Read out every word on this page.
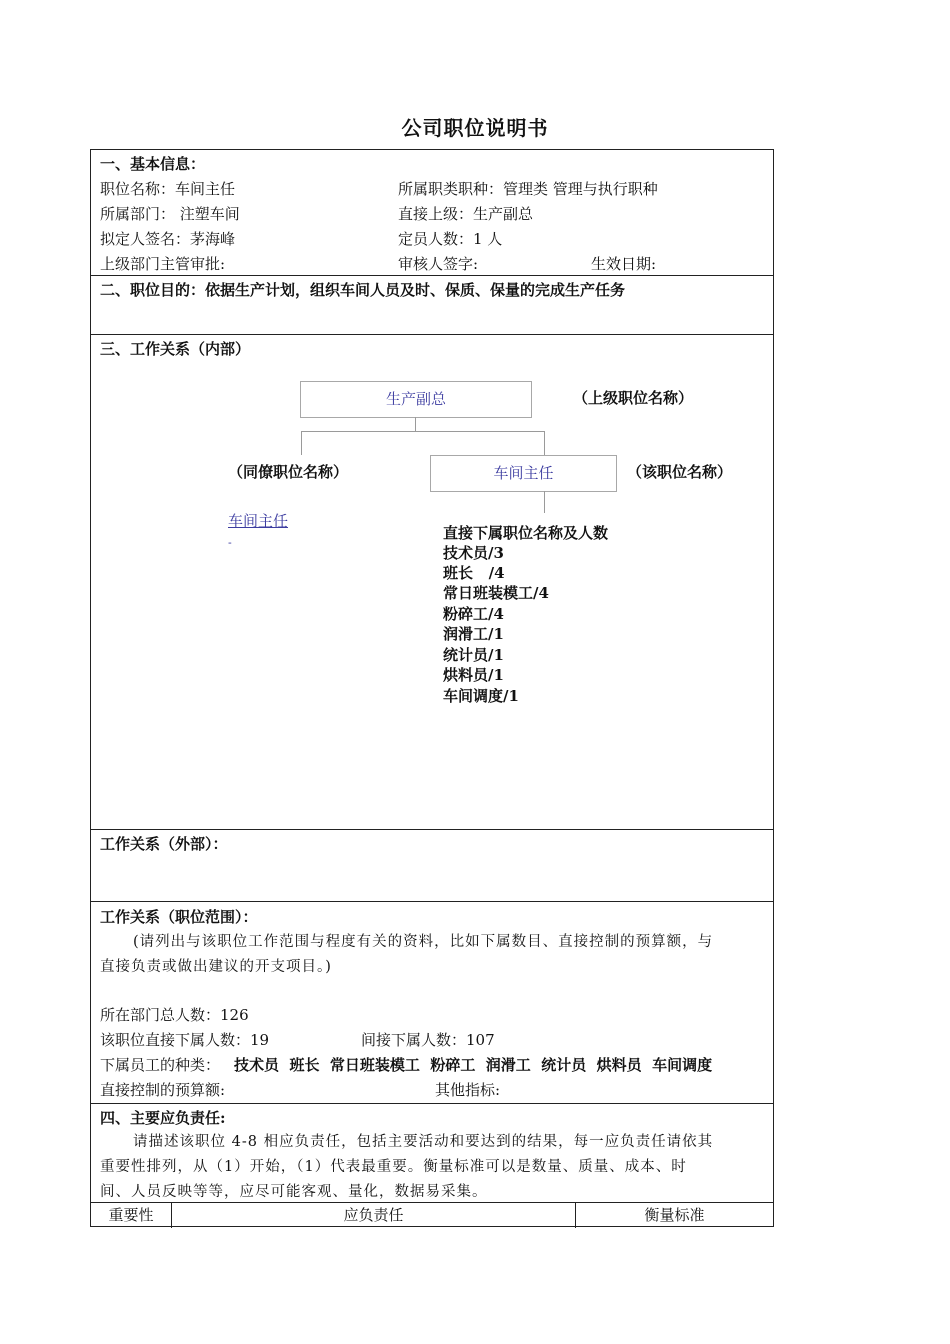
公司职位说明书
一、基本信息：
职位名称：车间主任	所属职类职种：管理类 管理与执行职种
所属部门： 注塑车间	直接上级：生产副总
拟定人签名：茅海峰	定员人数：1 人
上级部门主管审批:	审核人签字:	生效日期:
二、职位目的：依据生产计划，组织车间人员及时、保质、保量的完成生产任务
三、工作关系（内部）
生产副总	（上级职位名称）
（同僚职位名称）	车间主任	（该职位名称）
车间主任
-
直接下属职位名称及人数
技术员/3
班长   /4
常日班装模工/4
粉碎工/4
润滑工/1
统计员/1
烘料员/1
车间调度/1
工作关系（外部）：
工作关系（职位范围）：
(请列出与该职位工作范围与程度有关的资料，比如下属数目、直接控制的预算额，与
直接负责或做出建议的开支项目。)
所在部门总人数：126
该职位直接下属人数：19	间接下属人数：107
下属员工的种类： 技术员  班长  常日班装模工  粉碎工  润滑工  统计员  烘料员  车间调度
直接控制的预算额:	其他指标:
四、主要应负责任:
请描述该职位 4-8 相应负责任，包括主要活动和要达到的结果，每一应负责任请依其
重要性排列，从（1）开始，（1）代表最重要。衡量标准可以是数量、质量、成本、时
间、人员反映等等，应尽可能客观、量化，数据易采集。
重要性	应负责任	衡量标准
